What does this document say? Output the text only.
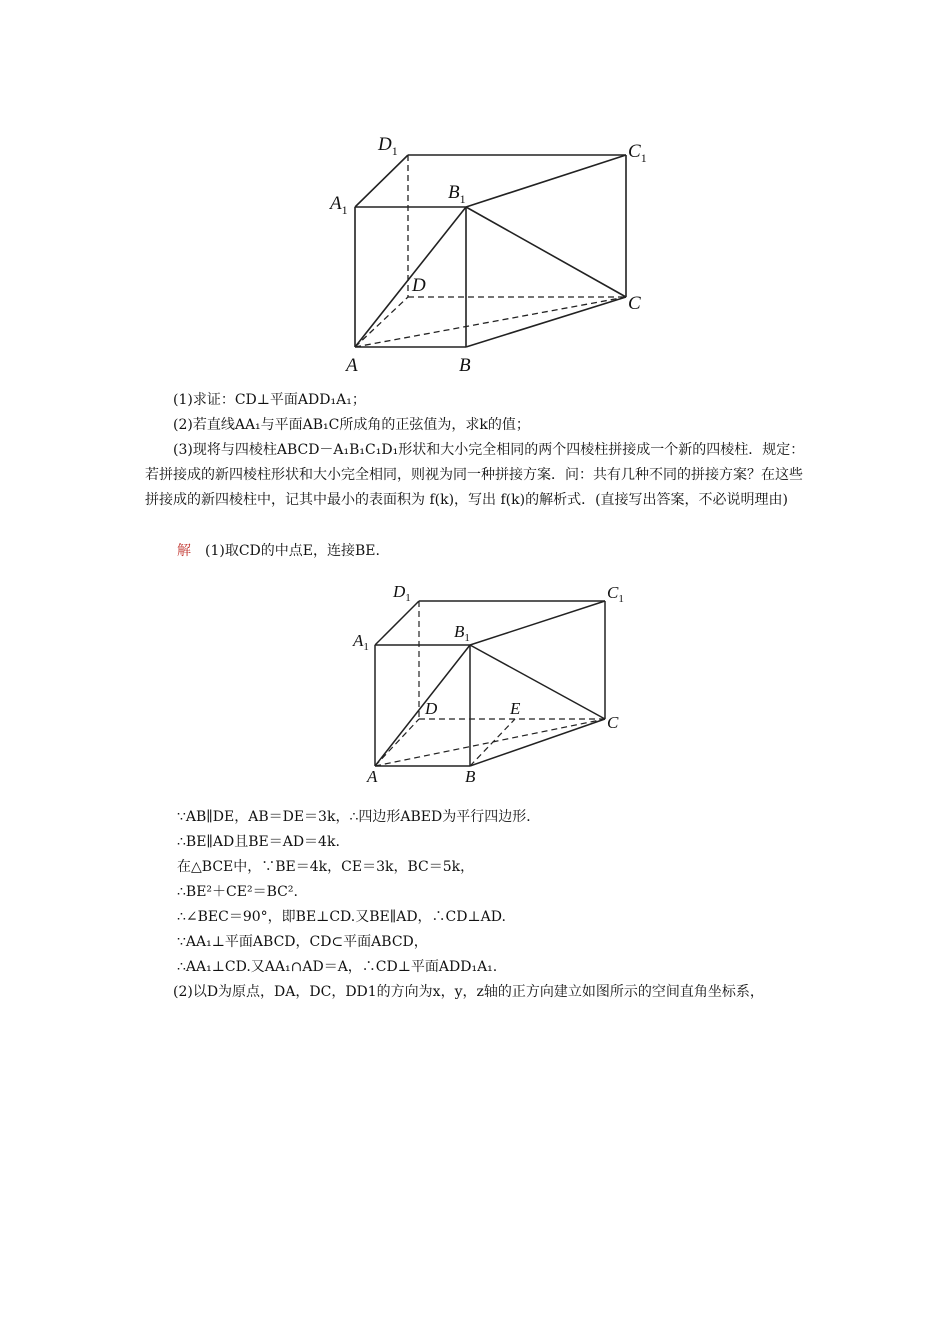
$D_1$	$C_1$
$A_1$
$B_1$
D
C
A	B
(1)求证：CD⊥平面ADD₁A₁；
(2)若直线AA₁与平面AB₁C所成角的正弦值为，求k的值；
(3)现将与四棱柱ABCD－A₁B₁C₁D₁形状和大小完全相同的两个四棱柱拼接成一个新的四棱柱．规定：若拼接成的新四棱柱形状和大小完全相同，则视为同一种拼接方案．问：共有几种不同的拼接方案？在这些拼接成的新四棱柱中，记其中最小的表面积为 f(k)，写出 f(k)的解析式．(直接写出答案，不必说明理由)
解　 (1)取CD的中点E，连接BE.
$D_1$	$C_1$
$A_1$
$B_1$
D	E
C
A	B
∵AB∥DE，AB＝DE＝3k，∴四边形ABED为平行四边形．
∴BE∥AD且BE＝AD＝4k.
在△BCE中，∵BE＝4k，CE＝3k，BC＝5k，
∴BE²＋CE²＝BC².
∴∠BEC＝90°，即BE⊥CD.又BE∥AD，∴CD⊥AD.
∵AA₁⊥平面ABCD，CD⊂平面ABCD，
∴AA₁⊥CD.又AA₁∩AD＝A，∴CD⊥平面ADD₁A₁.
(2)以D为原点，DA，DC，DD1的方向为x，y，z轴的正方向建立如图所示的空间直角坐标系，
